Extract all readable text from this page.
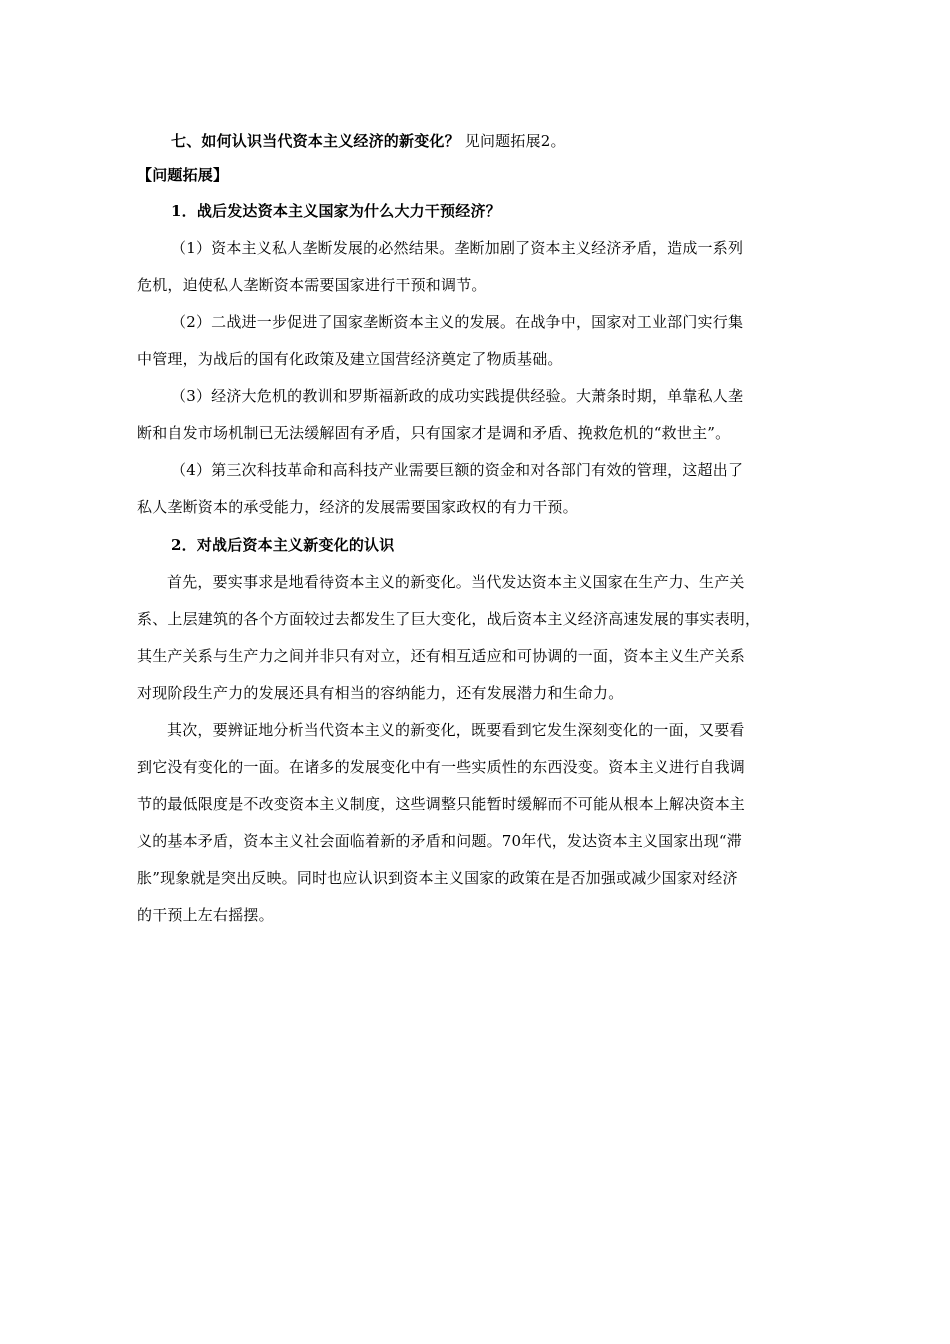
七、如何认识当代资本主义经济的新变化？ 见问题拓展2。
【问题拓展】
1．战后发达资本主义国家为什么大力干预经济？
（1）资本主义私人垄断发展的必然结果。垄断加剧了资本主义经济矛盾，造成一系列
危机，迫使私人垄断资本需要国家进行干预和调节。
（2）二战进一步促进了国家垄断资本主义的发展。在战争中，国家对工业部门实行集
中管理，为战后的国有化政策及建立国营经济奠定了物质基础。
（3）经济大危机的教训和罗斯福新政的成功实践提供经验。大萧条时期，单靠私人垄
断和自发市场机制已无法缓解固有矛盾，只有国家才是调和矛盾、挽救危机的“救世主”。
（4）第三次科技革命和高科技产业需要巨额的资金和对各部门有效的管理，这超出了
私人垄断资本的承受能力，经济的发展需要国家政权的有力干预。
2．对战后资本主义新变化的认识
首先，要实事求是地看待资本主义的新变化。当代发达资本主义国家在生产力、生产关
系、上层建筑的各个方面较过去都发生了巨大变化，战后资本主义经济高速发展的事实表明，
其生产关系与生产力之间并非只有对立，还有相互适应和可协调的一面，资本主义生产关系
对现阶段生产力的发展还具有相当的容纳能力，还有发展潜力和生命力。
其次，要辨证地分析当代资本主义的新变化，既要看到它发生深刻变化的一面，又要看
到它没有变化的一面。在诸多的发展变化中有一些实质性的东西没变。资本主义进行自我调
节的最低限度是不改变资本主义制度，这些调整只能暂时缓解而不可能从根本上解决资本主
义的基本矛盾，资本主义社会面临着新的矛盾和问题。70年代，发达资本主义国家出现“滞
胀”现象就是突出反映。同时也应认识到资本主义国家的政策在是否加强或减少国家对经济
的干预上左右摇摆。
